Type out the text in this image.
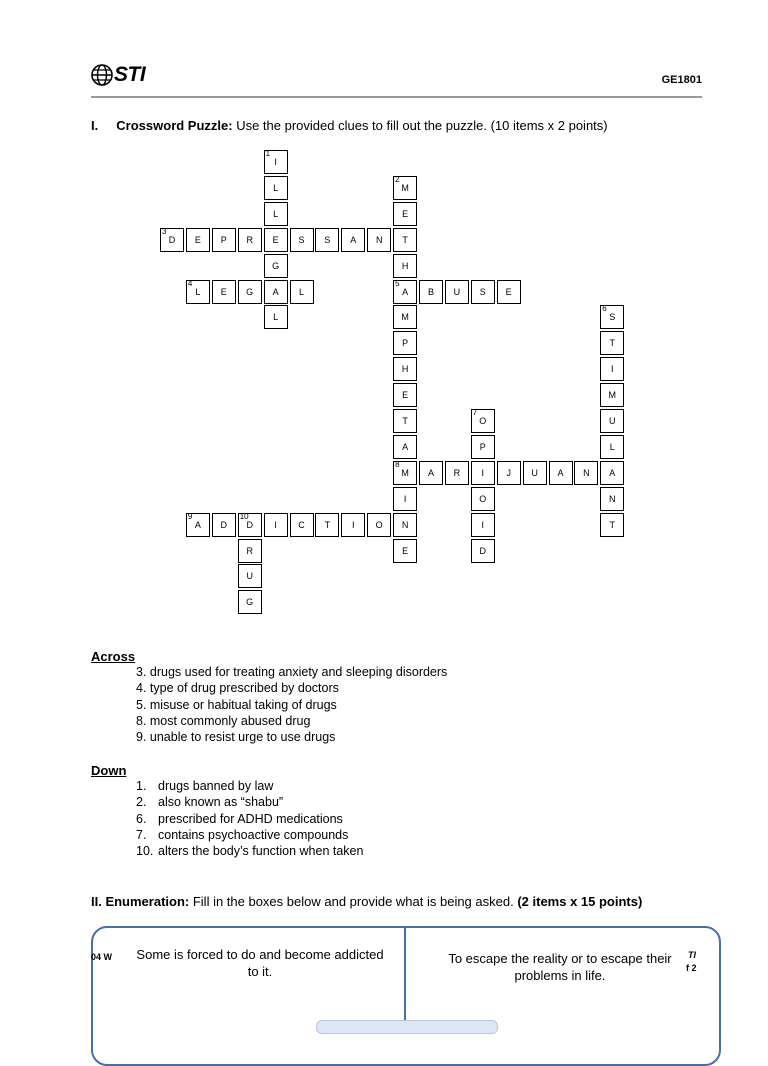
STI	GE1801
I. Crossword Puzzle: Use the provided clues to fill out the puzzle. (10 items x 2 points)
I
1
L
L
E
G
A
L
M
2
E
T
H
A
5
M
P
H
E
T
A
M
8
I
N
E
D
3
E	P	R	S	S	A	N
L
4
E	G	L	B	U	S	E
S
6
T
I
M
U
L
A
N
T
O
7
P
I
O
I
D
A	R	J	U	A	N
A
9
D	D
10
I	C	T	I	O
R
U
G
Across
3. drugs used for treating anxiety and sleeping disorders
4. type of drug prescribed by doctors
5. misuse or habitual taking of drugs
8. most commonly abused drug
9. unable to resist urge to use drugs
Down
1. drugs banned by law
2. also known as “shabu”
6. prescribed for ADHD medications
7. contains psychoactive compounds
10. alters the body’s function when taken
II. Enumeration: Fill in the boxes below and provide what is being asked. (2 items x 15 points)
Some is forced to do and become addicted to it.
To escape the reality or to escape their problems in life.
04 W	TI
f 2
